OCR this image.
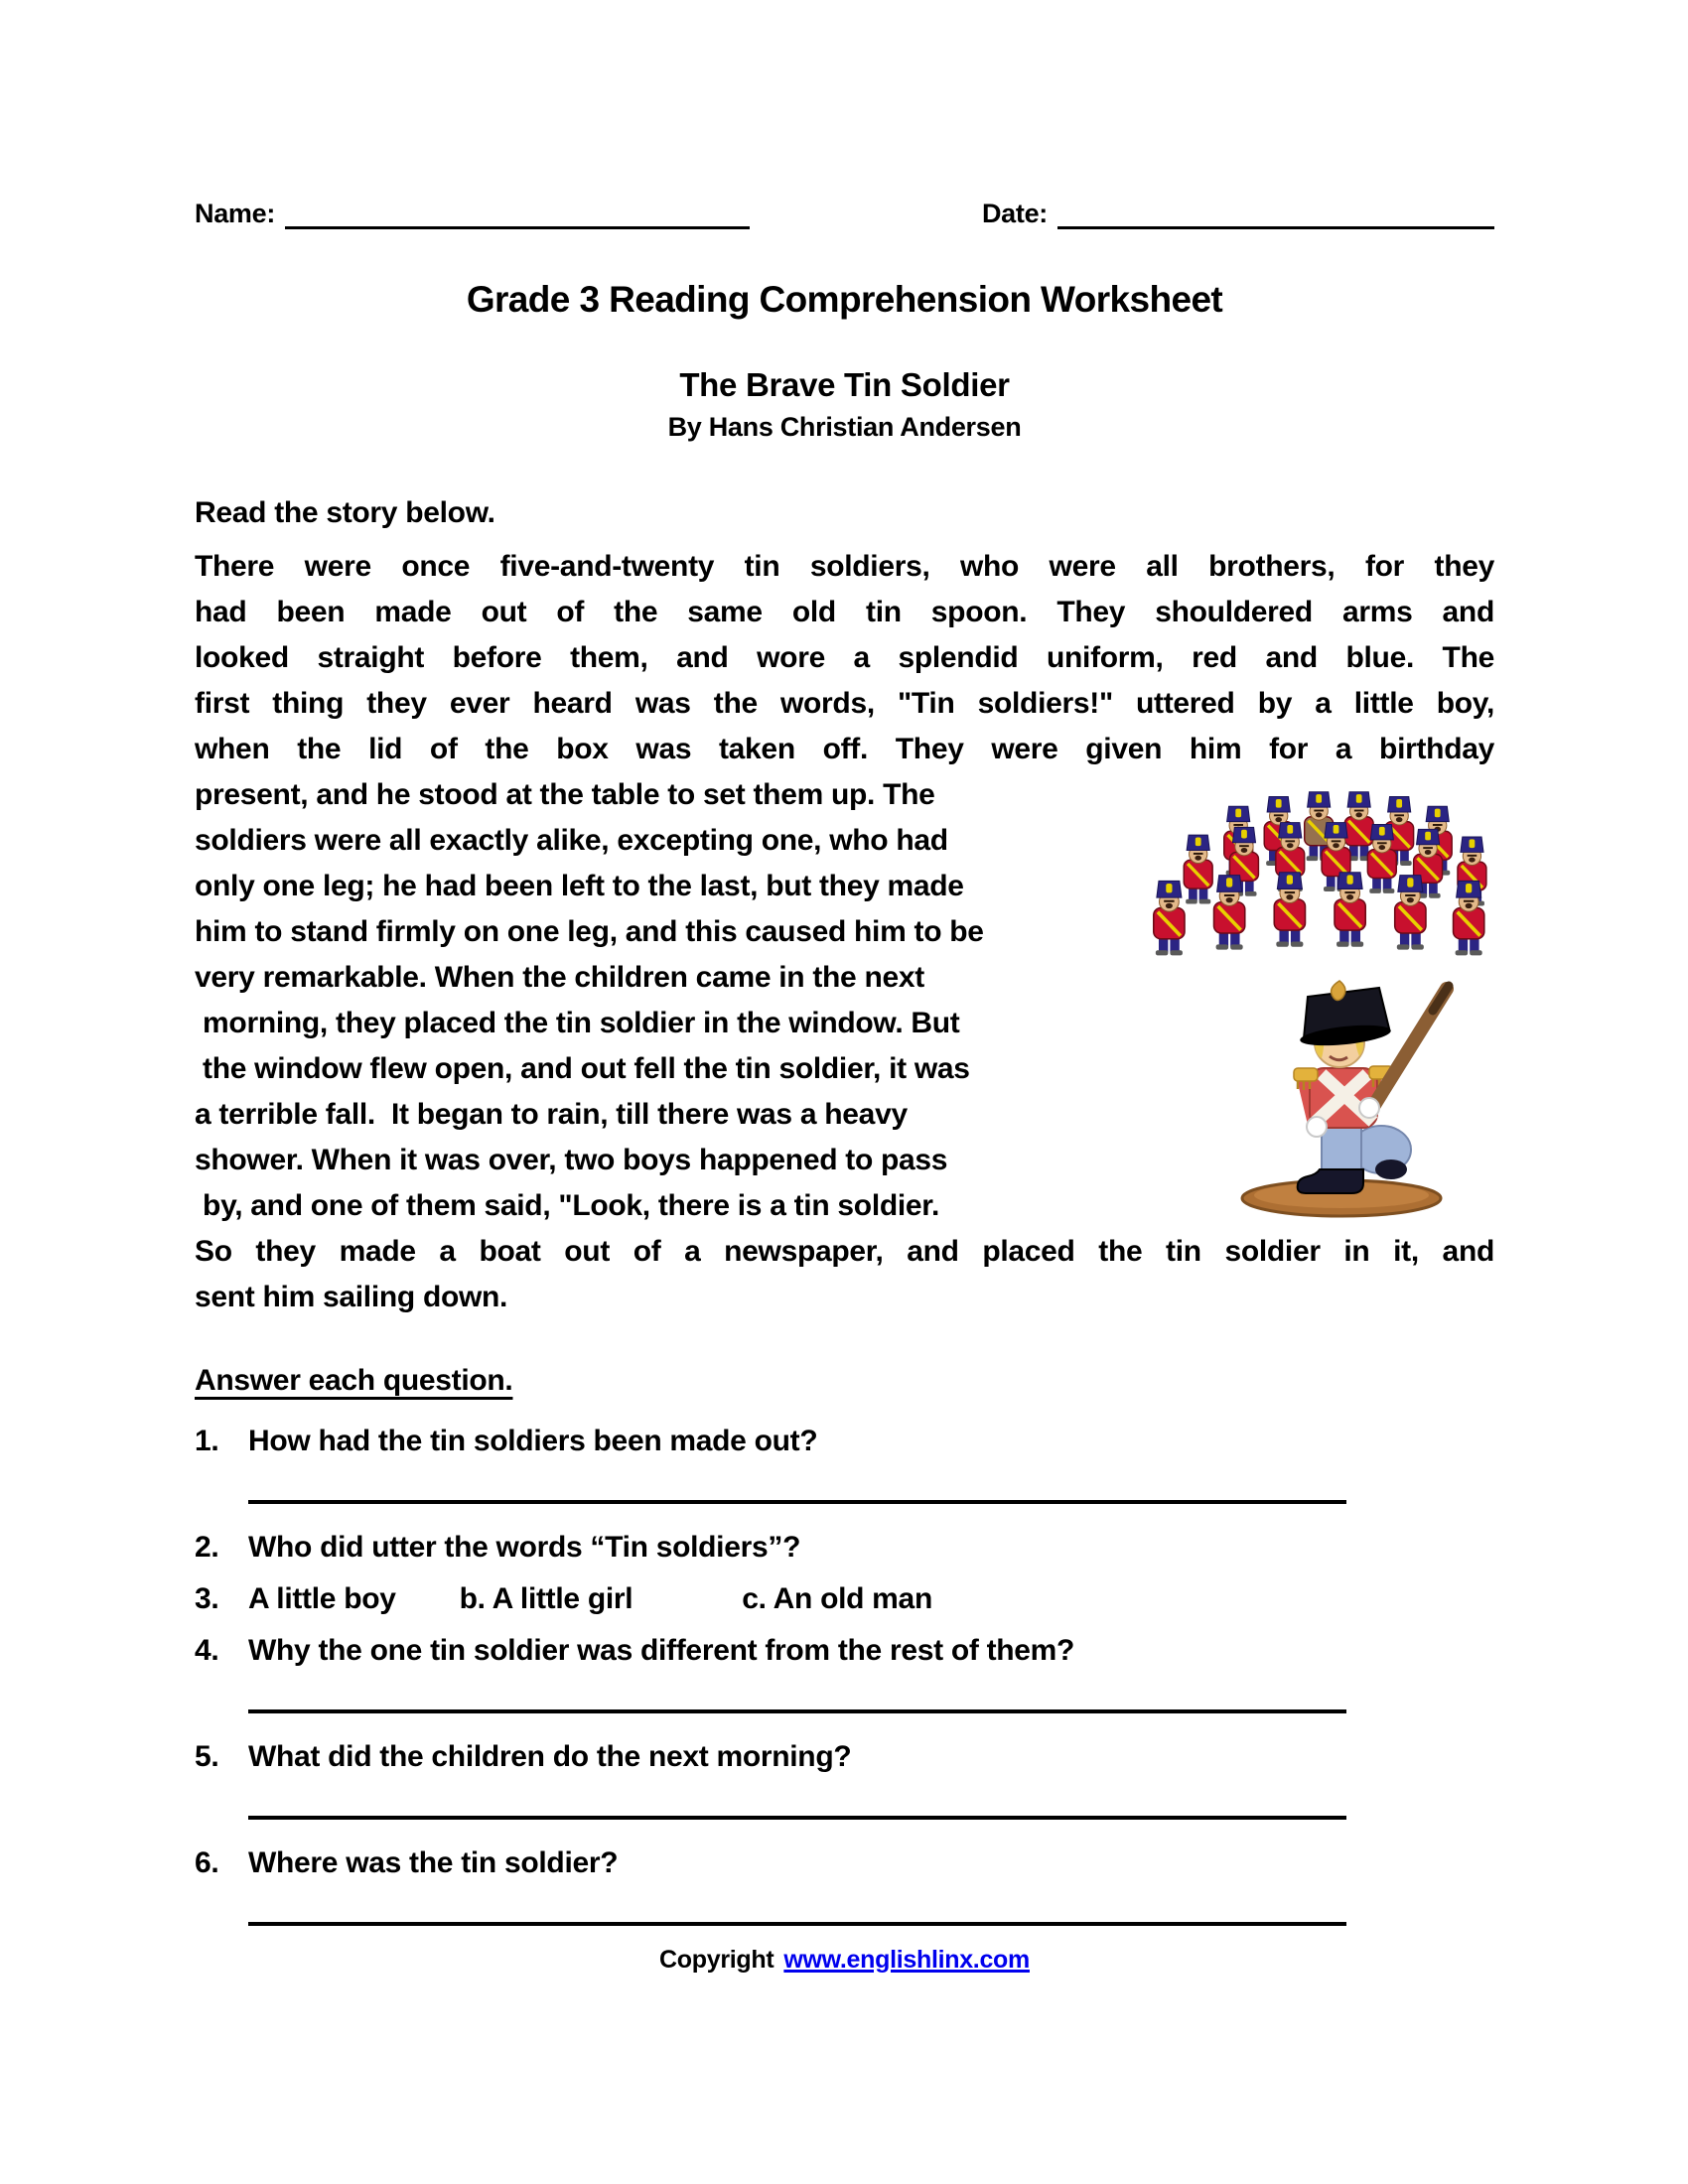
Name:	Date:
Grade 3 Reading Comprehension Worksheet
The Brave Tin Soldier
By Hans Christian Andersen
Read the story below.
There were once five-and-twenty tin soldiers, who were all brothers, for they
had been made out of the same old tin spoon. They shouldered arms and
looked straight before them, and wore a splendid uniform, red and blue. The
first thing they ever heard was the words, "Tin soldiers!" uttered by a little boy,
when the lid of the box was taken off. They were given him for a birthday
present, and he stood at the table to set them up. The
soldiers were all exactly alike, excepting one, who had
only one leg; he had been left to the last, but they made
him to stand firmly on one leg, and this caused him to be
very remarkable. When the children came in the next
morning, they placed the tin soldier in the window. But
the window flew open, and out fell the tin soldier, it was
a terrible fall.  It began to rain, till there was a heavy
shower. When it was over, two boys happened to pass
by, and one of them said, "Look, there is a tin soldier.
So they made a boat out of a newspaper, and placed the tin soldier in it, and
sent him sailing down.
Answer each question.
1. How had the tin soldiers been made out?
2. Who did utter the words “Tin soldiers”?
3. A little boy b. A little girl	c. An old man
4. Why the one tin soldier was different from the rest of them?
5. What did the children do the next morning?
6. Where was the tin soldier?
Copyright www.englishlinx.com
